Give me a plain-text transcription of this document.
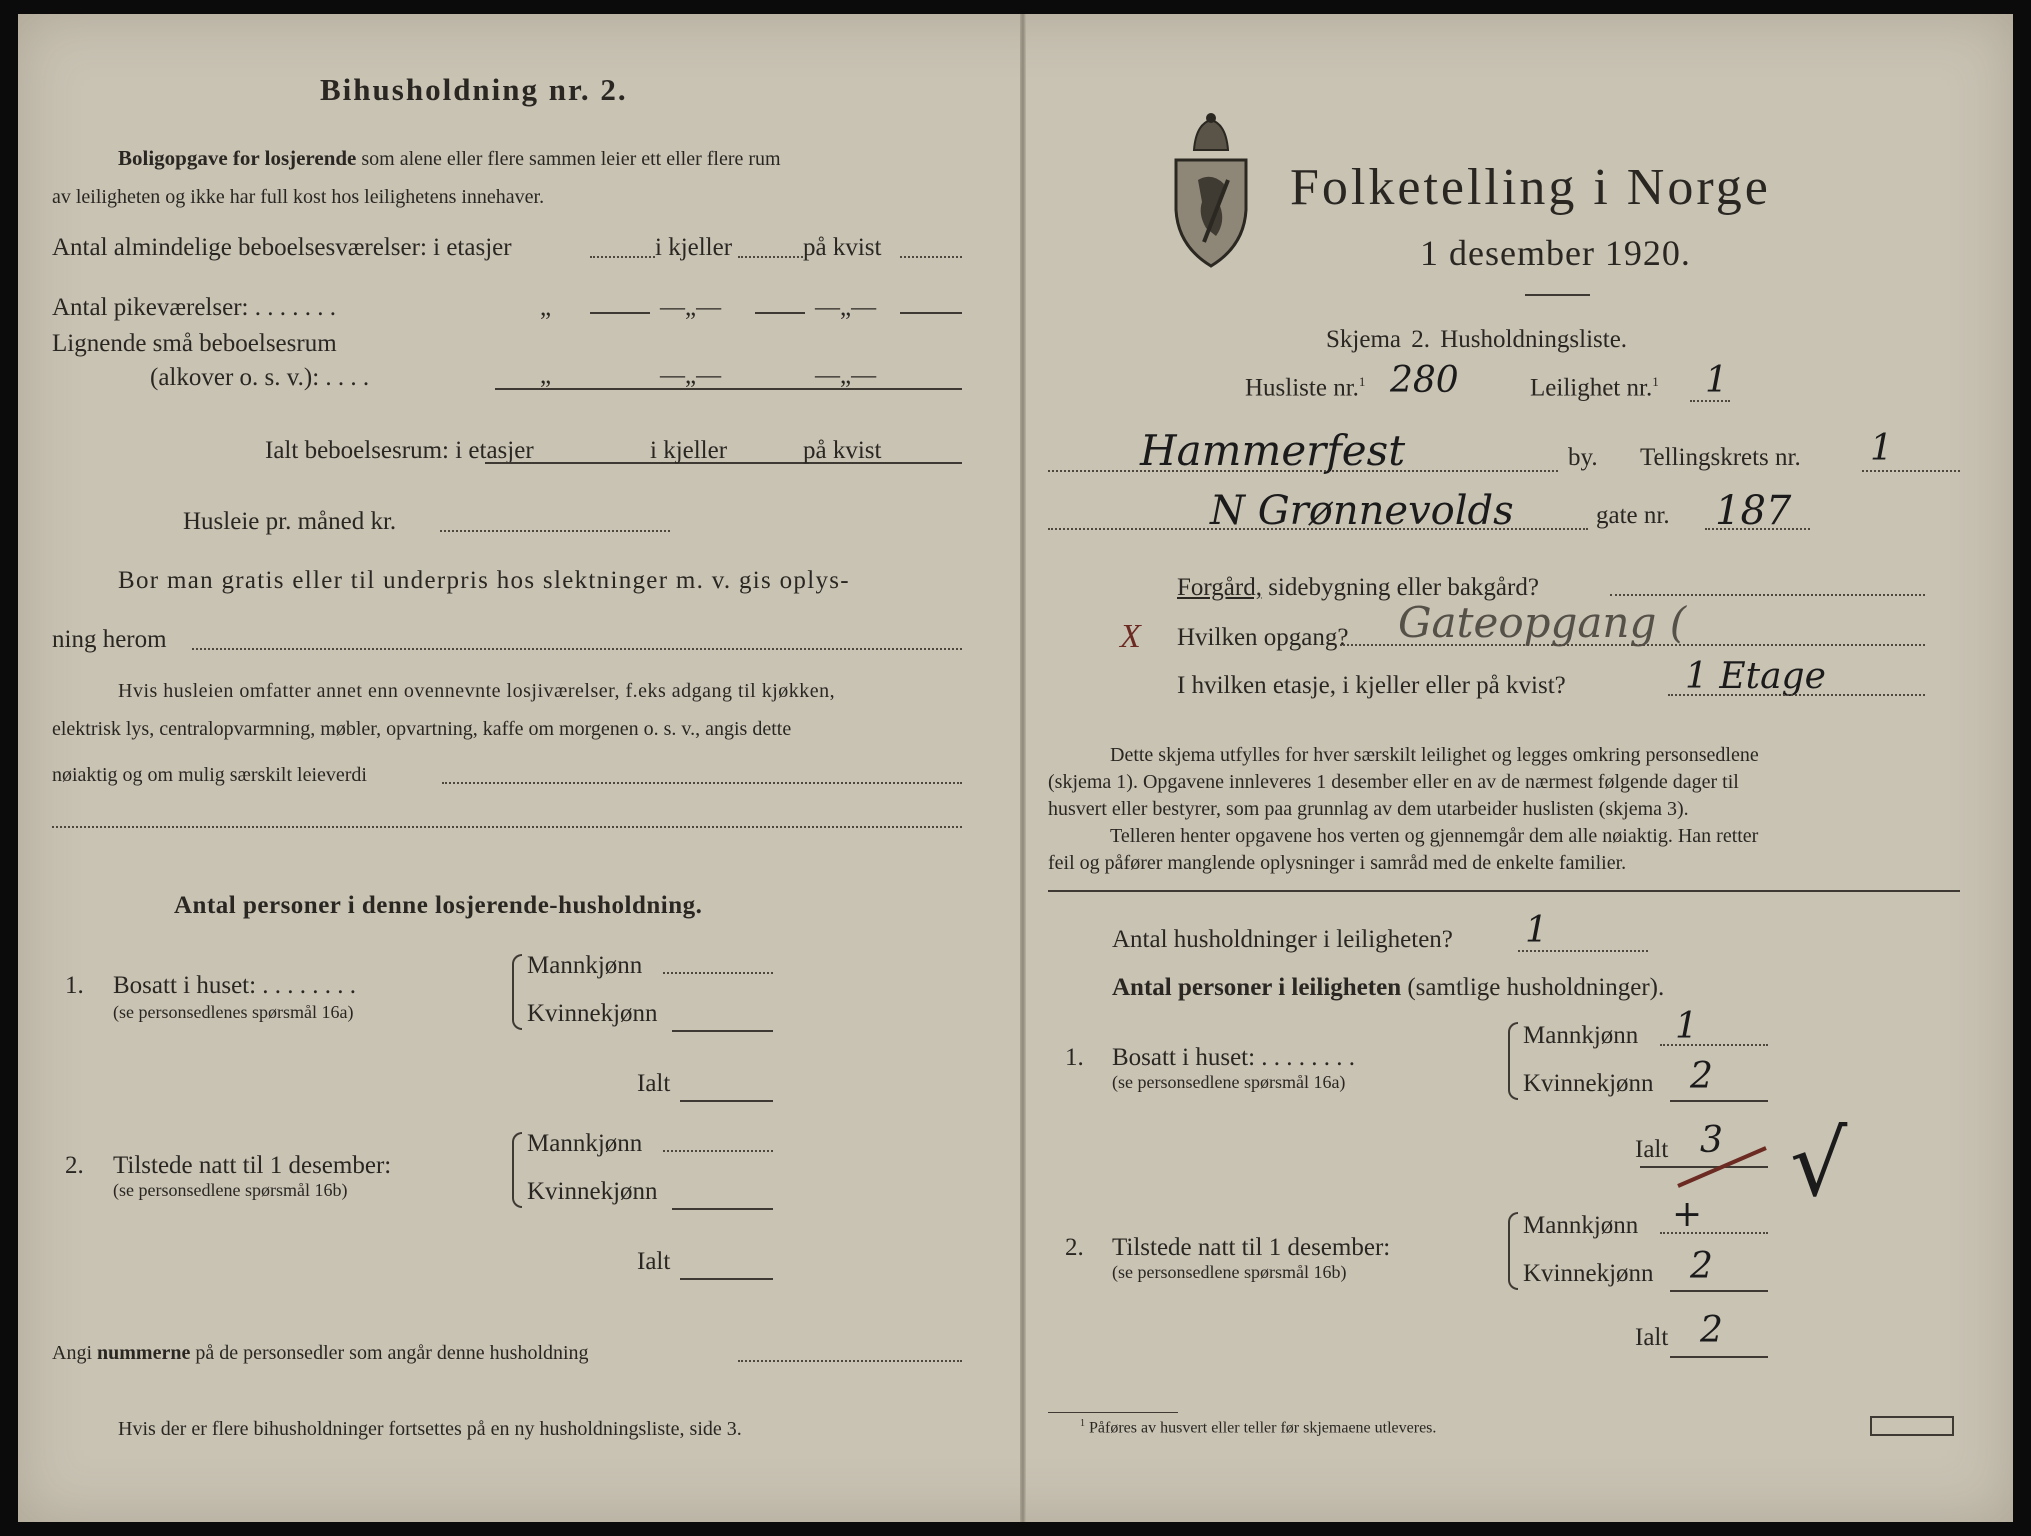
Bihusholdning nr. 2.
Boligopgave for losjerende som alene eller flere sammen leier ett eller flere rum
av leiligheten og ikke har full kost hos leilighetens innehaver.
Antal almindelige beboelsesværelser: i etasjer	i kjeller	på kvist
Antal pikeværelser: . . . . . . .	„	—„—	—„—
Lignende små beboelsesrum
(alkover o. s. v.): . . . .	„	—„—	—„—
Ialt beboelsesrum: i etasjer	i kjeller	på kvist
Husleie pr. måned kr.
Bor man gratis eller til underpris hos slektninger m. v. gis oplys-
ning herom
Hvis husleien omfatter annet enn ovennevnte losjiværelser, f.eks adgang til kjøkken,
elektrisk lys, centralopvarmning, møbler, opvartning, kaffe om morgenen o. s. v., angis dette
nøiaktig og om mulig særskilt leieverdi
Antal personer i denne losjerende-husholdning.
1. Bosatt i huset: . . . . . . . .
(se personsedlenes spørsmål 16a)
Mannkjønn
Kvinnekjønn
Ialt
2. Tilstede natt til 1 desember:
(se personsedlene spørsmål 16b)
Mannkjønn
Kvinnekjønn
Ialt
Angi nummerne på de personsedler som angår denne husholdning
Hvis der er flere bihusholdninger fortsettes på en ny husholdningsliste, side 3.
Folketelling i Norge
1 desember 1920.
Skjema 2. Husholdningsliste.
Husliste nr.$^1$ 280	Leilighet nr.$^1$ 1
Hammerfest	by. Tellingskrets nr. 1
N Grønnevolds	gate nr. 187
Forgård, sidebygning eller bakgård?
X Hvilken opgang? Gateopgang (
I hvilken etasje, i kjeller eller på kvist?	1 Etage
Dette skjema utfylles for hver særskilt leilighet og legges omkring personsedlene
(skjema 1). Opgavene innleveres 1 desember eller en av de nærmest følgende dager til
husvert eller bestyrer, som paa grunnlag av dem utarbeider huslisten (skjema 3).
Telleren henter opgavene hos verten og gjennemgår dem alle nøiaktig. Han retter
feil og påfører manglende oplysninger i samråd med de enkelte familier.
Antal husholdninger i leiligheten? 1
Antal personer i leiligheten (samtlige husholdninger).
1. Bosatt i huset: . . . . . . . .
(se personsedlene spørsmål 16a)
Mannkjønn 1
Kvinnekjønn 2
Ialt 3 √
2. Tilstede natt til 1 desember:
(se personsedlene spørsmål 16b)
Mannkjønn +
Kvinnekjønn 2
Ialt 2
$^1$ Påføres av husvert eller teller før skjemaene utleveres.
